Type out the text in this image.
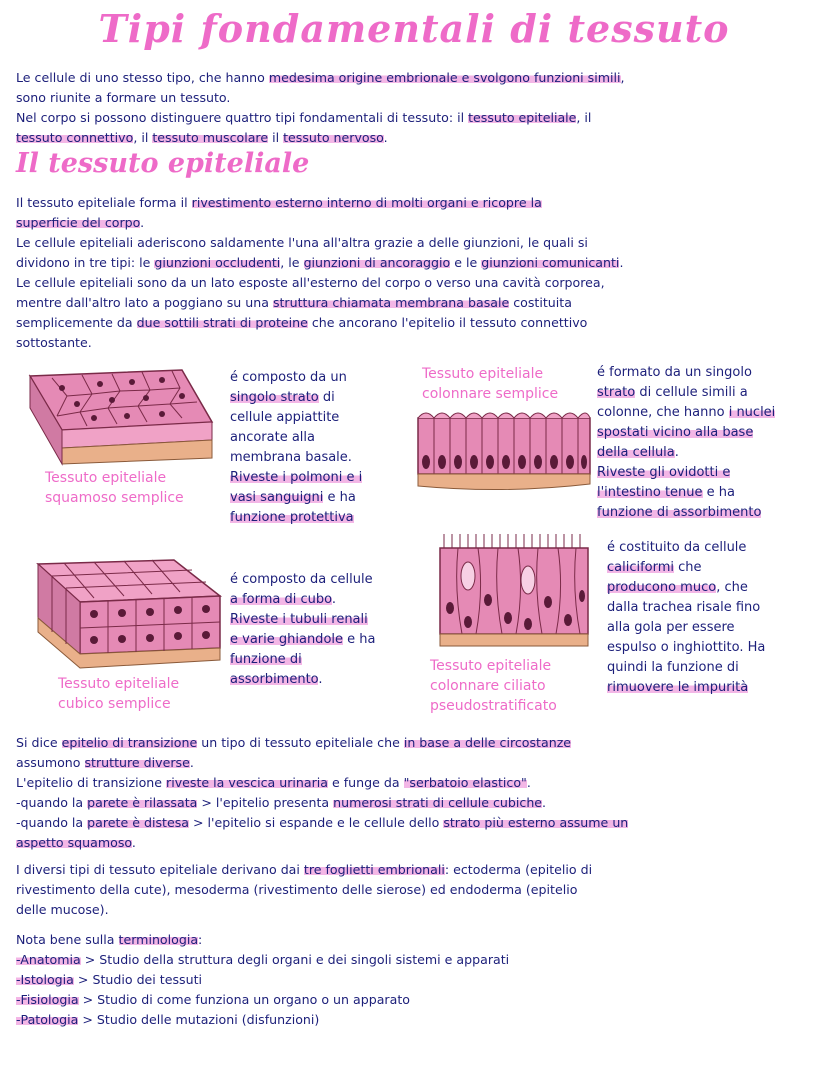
Tipi fondamentali di tessuto
Le cellule di uno stesso tipo, che hanno medesima origine embrionale e svolgono funzioni simili,
sono riunite a formare un tessuto.
Nel corpo si possono distinguere quattro tipi fondamentali di tessuto: il tessuto epiteliale, il
tessuto connettivo, il tessuto muscolare il tessuto nervoso.
Il tessuto epiteliale
Il tessuto epiteliale forma il rivestimento esterno interno di molti organi e ricopre la
superficie del corpo.
Le cellule epiteliali aderiscono saldamente l'una all'altra grazie a delle giunzioni, le quali si
dividono in tre tipi: le giunzioni occludenti, le giunzioni di ancoraggio e le giunzioni comunicanti.
Le cellule epiteliali sono da un lato esposte all'esterno del corpo o verso una cavità corporea,
mentre dall'altro lato a poggiano su una struttura chiamata membrana basale costituita
semplicemente da due sottili strati di proteine che ancorano l'epitelio il tessuto connettivo
sottostante.
Tessuto epiteliale
squamoso semplice
é composto da un
singolo strato di
cellule appiattite
ancorate alla
membrana basale.
Riveste i polmoni e i
vasi sanguigni e ha
funzione protettiva
Tessuto epiteliale
colonnare semplice
é formato da un singolo
strato di cellule simili a
colonne, che hanno i nuclei
spostati vicino alla base
della cellula.
Riveste gli ovidotti e
l'intestino tenue e ha
funzione di assorbimento
Tessuto epiteliale
cubico semplice
é composto da cellule
a forma di cubo.
Riveste i tubuli renali
e varie ghiandole e ha
funzione di
assorbimento.
Tessuto epiteliale
colonnare ciliato
pseudostratificato
é costituito da cellule
caliciformi che
producono muco, che
dalla trachea risale fino
alla gola per essere
espulso o inghiottito. Ha
quindi la funzione di
rimuovere le impurità
Si dice epitelio di transizione un tipo di tessuto epiteliale che in base a delle circostanze
assumono strutture diverse.
L'epitelio di transizione riveste la vescica urinaria e funge da "serbatoio elastico".
-quando la parete è rilassata > l'epitelio presenta numerosi strati di cellule cubiche.
-quando la parete è distesa > l'epitelio si espande e le cellule dello strato più esterno assume un
aspetto squamoso.
I diversi tipi di tessuto epiteliale derivano dai tre foglietti embrionali: ectoderma (epitelio di
rivestimento della cute), mesoderma (rivestimento delle sierose) ed endoderma (epitelio
delle mucose).
Nota bene sulla terminologia:
-Anatomia > Studio della struttura degli organi e dei singoli sistemi e apparati
-Istologia > Studio dei tessuti
-Fisiologia > Studio di come funziona un organo o un apparato
-Patologia > Studio delle mutazioni (disfunzioni)
